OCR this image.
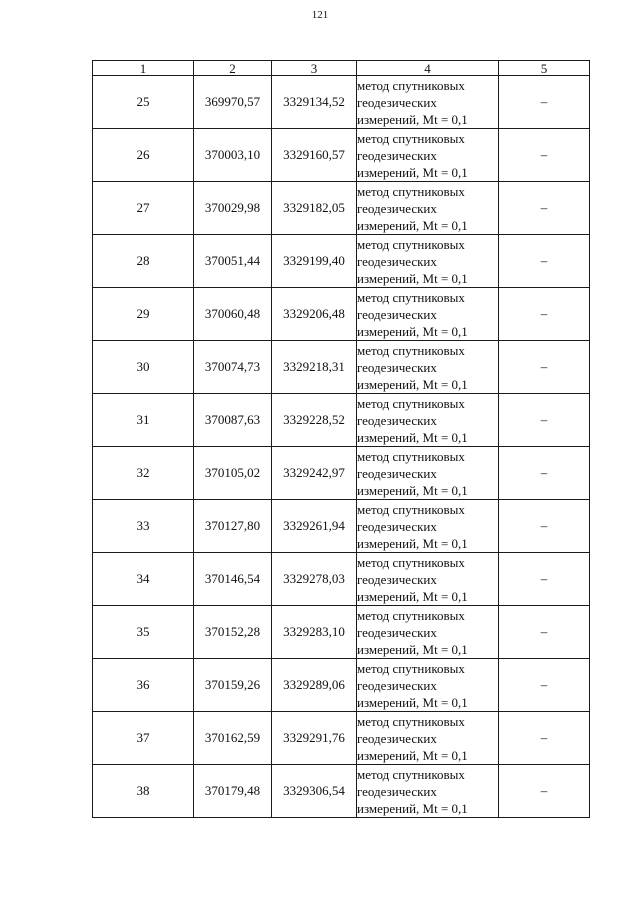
121
1	2	3	4	5
25	369970,57	3329134,52	метод спутниковых
геодезических
измерений, Mt = 0,1	–
26	370003,10	3329160,57	метод спутниковых
геодезических
измерений, Mt = 0,1	–
27	370029,98	3329182,05	метод спутниковых
геодезических
измерений, Mt = 0,1	–
28	370051,44	3329199,40	метод спутниковых
геодезических
измерений, Mt = 0,1	–
29	370060,48	3329206,48	метод спутниковых
геодезических
измерений, Mt = 0,1	–
30	370074,73	3329218,31	метод спутниковых
геодезических
измерений, Mt = 0,1	–
31	370087,63	3329228,52	метод спутниковых
геодезических
измерений, Mt = 0,1	–
32	370105,02	3329242,97	метод спутниковых
геодезических
измерений, Mt = 0,1	–
33	370127,80	3329261,94	метод спутниковых
геодезических
измерений, Mt = 0,1	–
34	370146,54	3329278,03	метод спутниковых
геодезических
измерений, Mt = 0,1	–
35	370152,28	3329283,10	метод спутниковых
геодезических
измерений, Mt = 0,1	–
36	370159,26	3329289,06	метод спутниковых
геодезических
измерений, Mt = 0,1	–
37	370162,59	3329291,76	метод спутниковых
геодезических
измерений, Mt = 0,1	–
38	370179,48	3329306,54	метод спутниковых
геодезических
измерений, Mt = 0,1	–
